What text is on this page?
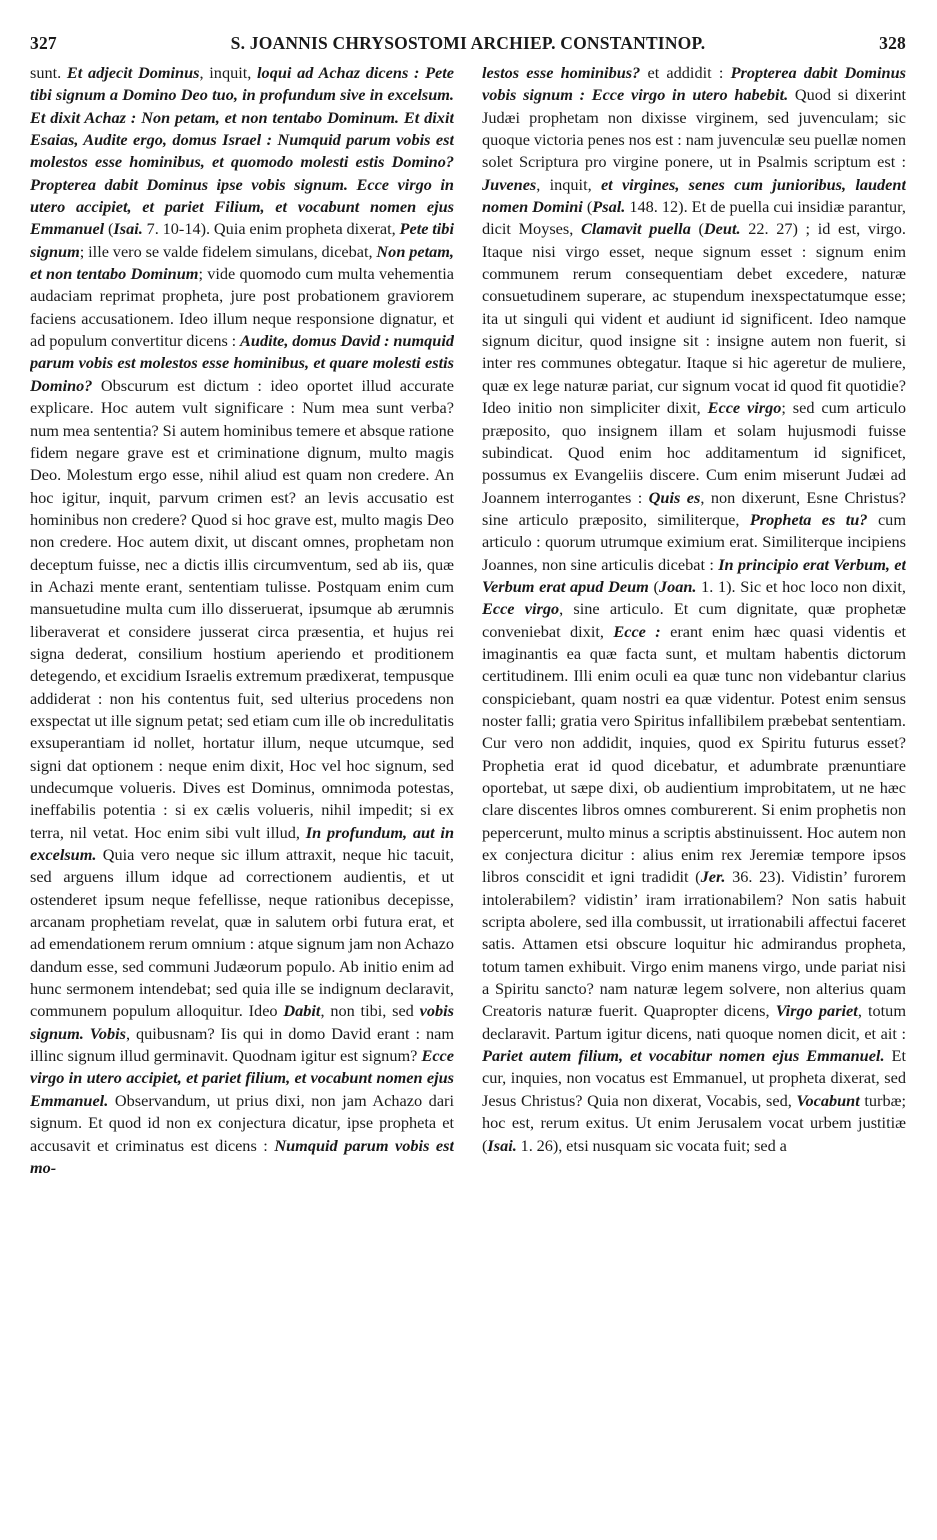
327	S. JOANNIS CHRYSOSTOMI ARCHIEP. CONSTANTINOP.	328

sunt. Et adjecit Dominus, inquit, loqui ad Achaz dicens : Pete tibi signum a Domino Deo tuo, in profundum sive in excelsum. Et dixit Achaz : Non petam, et non tentabo Dominum. Et dixit Esaias, Audite ergo, domus Israel : Numquid parum vobis est molestos esse hominibus, et quomodo molesti estis Domino? Propterea dabit Dominus ipse vobis signum. Ecce virgo in utero accipiet, et pariet Filium, et vocabunt nomen ejus Emmanuel (Isai. 7. 10-14). Quia enim propheta dixerat, Pete tibi signum; ille vero se valde fidelem simulans, dicebat, Non petam, et non tentabo Dominum; vide quomodo cum multa vehementia audaciam reprimat propheta, jure post probationem graviorem faciens accusationem. Ideo illum neque responsione dignatur, et ad populum convertitur dicens : Audite, domus David : numquid parum vobis est molestos esse hominibus, et quare molesti estis Domino? Obscurum est dictum : ideo oportet illud accurate explicare. Hoc autem vult significare : Num mea sunt verba? num mea sententia? Si autem hominibus temere et absque ratione fidem negare grave est et criminatione dignum, multo magis Deo. Molestum ergo esse, nihil aliud est quam non credere. An hoc igitur, inquit, parvum crimen est? an levis accusatio est hominibus non credere? Quod si hoc grave est, multo magis Deo non credere. Hoc autem dixit, ut discant omnes, prophetam non deceptum fuisse, nec a dictis illis circumventum, sed ab iis, quæ in Achazi mente erant, sententiam tulisse. Postquam enim cum mansuetudine multa cum illo disseruerat, ipsumque ab ærumnis liberaverat et considere jusserat circa præsentia, et hujus rei signa dederat, consilium hostium aperiendo et proditionem detegendo, et excidium Israelis extremum prædixerat, tempusque addiderat : non his contentus fuit, sed ulterius procedens non exspectat ut ille signum petat; sed etiam cum ille ob incredulitatis exsuperantiam id nollet, hortatur illum, neque utcumque, sed signi dat optionem : neque enim dixit, Hoc vel hoc signum, sed undecumque volueris. Dives est Dominus, omnimoda potestas, ineffabilis potentia : si ex cælis volueris, nihil impedit; si ex terra, nil vetat. Hoc enim sibi vult illud, In profundum, aut in excelsum. Quia vero neque sic illum attraxit, neque hic tacuit, sed arguens illum idque ad correctionem audientis, et ut ostenderet ipsum neque fefellisse, neque rationibus decepisse, arcanam prophetiam revelat, quæ in salutem orbi futura erat, et ad emendationem rerum omnium : atque signum jam non Achazo dandum esse, sed communi Judæorum populo. Ab initio enim ad hunc sermonem intendebat; sed quia ille se indignum declaravit, communem populum alloquitur. Ideo Dabit, non tibi, sed vobis signum. Vobis, quibusnam? Iis qui in domo David erant : nam illinc signum illud germinavit. Quodnam igitur est signum? Ecce virgo in utero accipiet, et pariet filium, et vocabunt nomen ejus Emmanuel. Observandum, ut prius dixi, non jam Achazo dari signum. Et quod id non ex conjectura dicatur, ipse propheta et accusavit et criminatus est dicens : Numquid parum vobis est mo-

lestos esse hominibus? et addidit : Propterea dabit Dominus vobis signum : Ecce virgo in utero habebit. Quod si dixerint Judæi prophetam non dixisse virginem, sed juvenculam; sic quoque victoria penes nos est : nam juvenculæ seu puellæ nomen solet Scriptura pro virgine ponere, ut in Psalmis scriptum est : Juvenes, inquit, et virgines, senes cum junioribus, laudent nomen Domini (Psal. 148. 12). Et de puella cui insidiæ parantur, dicit Moyses, Clamavit puella (Deut. 22. 27) ; id est, virgo. Itaque nisi virgo esset, neque signum esset : signum enim communem rerum consequentiam debet excedere, naturæ consuetudinem superare, ac stupendum inexspectatumque esse; ita ut singuli qui vident et audiunt id significent. Ideo namque signum dicitur, quod insigne sit : insigne autem non fuerit, si inter res communes obtegatur. Itaque si hic ageretur de muliere, quæ ex lege naturæ pariat, cur signum vocat id quod fit quotidie? Ideo initio non simpliciter dixit, Ecce virgo; sed cum articulo præposito, quo insignem illam et solam hujusmodi fuisse subindicat. Quod enim hoc additamentum id significet, possumus ex Evangeliis discere. Cum enim miserunt Judæi ad Joannem interrogantes : Quis es, non dixerunt, Esne Christus? sine articulo præposito, similiterque, Propheta es tu? cum articulo : quorum utrumque eximium erat. Similiterque incipiens Joannes, non sine articulis dicebat : In principio erat Verbum, et Verbum erat apud Deum (Joan. 1. 1). Sic et hoc loco non dixit, Ecce virgo, sine articulo. Et cum dignitate, quæ prophetæ conveniebat dixit, Ecce : erant enim hæc quasi videntis et imaginantis ea quæ facta sunt, et multam habentis dictorum certitudinem. Illi enim oculi ea quæ tunc non videbantur clarius conspiciebant, quam nostri ea quæ videntur. Potest enim sensus noster falli; gratia vero Spiritus infallibilem præbebat sententiam. Cur vero non addidit, inquies, quod ex Spiritu futurus esset? Prophetia erat id quod dicebatur, et adumbrate prænuntiare oportebat, ut sæpe dixi, ob audientium improbitatem, ut ne hæc clare discentes libros omnes comburerent. Si enim prophetis non pepercerunt, multo minus a scriptis abstinuissent. Hoc autem non ex conjectura dicitur : alius enim rex Jeremiæ tempore ipsos libros conscidit et igni tradidit (Jer. 36. 23). Vidistin’ furorem intolerabilem? vidistin’ iram irrationabilem? Non satis habuit scripta abolere, sed illa combussit, ut irrationabili affectui faceret satis. Attamen etsi obscure loquitur hic admirandus propheta, totum tamen exhibuit. Virgo enim manens virgo, unde pariat nisi a Spiritu sancto? nam naturæ legem solvere, non alterius quam Creatoris naturæ fuerit. Quapropter dicens, Virgo pariet, totum declaravit. Partum igitur dicens, nati quoque nomen dicit, et ait : Pariet autem filium, et vocabitur nomen ejus Emmanuel. Et cur, inquies, non vocatus est Emmanuel, ut propheta dixerat, sed Jesus Christus? Quia non dixerat, Vocabis, sed, Vocabunt turbæ; hoc est, rerum exitus. Ut enim Jerusalem vocat urbem justitiæ (Isai. 1. 26), etsi nusquam sic vocata fuit; sed a
